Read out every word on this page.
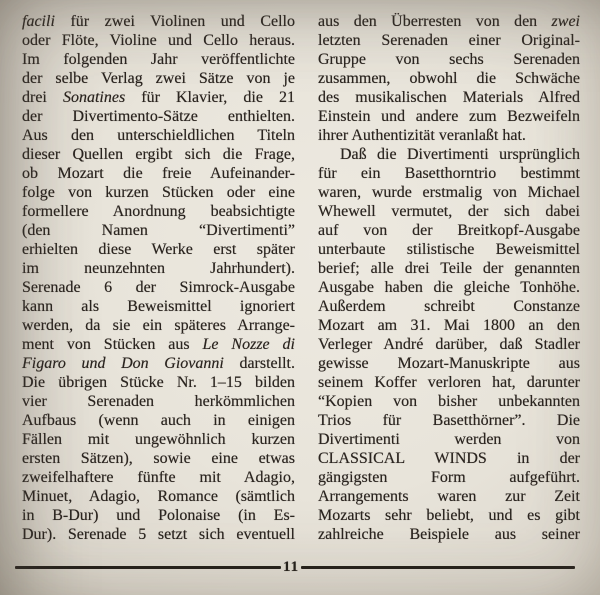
facili für zwei Violinen und Cello
oder Flöte, Violine und Cello heraus.
Im folgenden Jahr veröffentlichte
der selbe Verlag zwei Sätze von je
drei Sonatines für Klavier, die 21
der Divertimento-Sätze enthielten.
Aus den unterschieldlichen Titeln
dieser Quellen ergibt sich die Frage,
ob Mozart die freie Aufeinander-
folge von kurzen Stücken oder eine
formellere Anordnung beabsichtigte
(den Namen “Divertimenti”
erhielten diese Werke erst später
im neunzehnten Jahrhundert).
Serenade 6 der Simrock-Ausgabe
kann als Beweismittel ignoriert
werden, da sie ein späteres Arrange-
ment von Stücken aus Le Nozze di
Figaro und Don Giovanni darstellt.
Die übrigen Stücke Nr. 1–15 bilden
vier Serenaden herkömmlichen
Aufbaus (wenn auch in einigen
Fällen mit ungewöhnlich kurzen
ersten Sätzen), sowie eine etwas
zweifelhaftere fünfte mit Adagio,
Minuet, Adagio, Romance (sämtlich
in B-Dur) und Polonaise (in Es-
Dur). Serenade 5 setzt sich eventuell
aus den Überresten von den zwei
letzten Serenaden einer Original-
Gruppe von sechs Serenaden
zusammen, obwohl die Schwäche
des musikalischen Materials Alfred
Einstein und andere zum Bezweifeln
ihrer Authentizität veranlaßt hat.
Daß die Divertimenti ursprünglich
für ein Basetthorntrio bestimmt
waren, wurde erstmalig von Michael
Whewell vermutet, der sich dabei
auf von der Breitkopf-Ausgabe
unterbaute stilistische Beweismittel
berief; alle drei Teile der genannten
Ausgabe haben die gleiche Tonhöhe.
Außerdem schreibt Constanze
Mozart am 31. Mai 1800 an den
Verleger André darüber, daß Stadler
gewisse Mozart-Manuskripte aus
seinem Koffer verloren hat, darunter
“Kopien von bisher unbekannten
Trios für Basetthörner”. Die
Divertimenti werden von
CLASSICAL WINDS in der
gängigsten Form aufgeführt.
Arrangements waren zur Zeit
Mozarts sehr beliebt, und es gibt
zahlreiche Beispiele aus seiner
11
